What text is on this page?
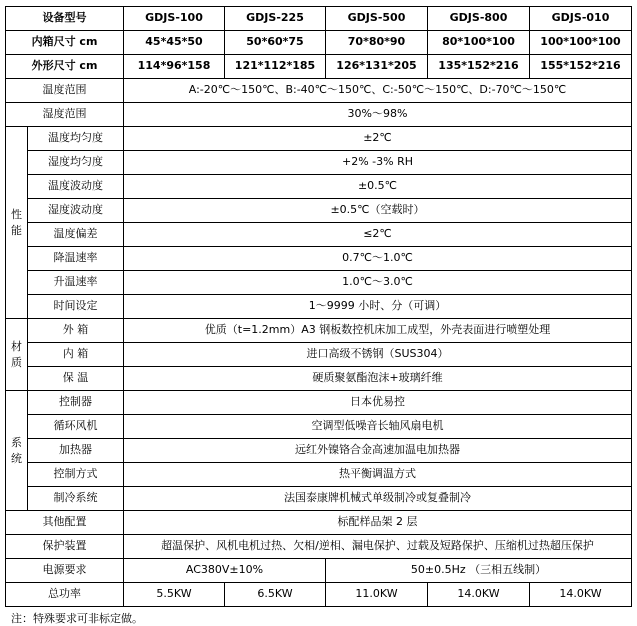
设备型号		GDJS-100	GDJS-225	GDJS-500	GDJS-800	GDJS-010
内箱尺寸 cm		45*45*50	50*60*75	70*80*90	80*100*100	100*100*100
外形尺寸 cm		114*96*158	121*112*185	126*131*205	135*152*216	155*152*216
温度范围		A:-20℃～150℃、B:-40℃～150℃、C:-50℃～150℃、D:-70℃～150℃				
湿度范围		30%～98%				

性
能	温度均匀度	±2℃				
	湿度均匀度	+2% -3% RH				
	温度波动度	±0.5℃				
	湿度波动度	±0.5℃（空载时）				
	温度偏差	≤2℃				
	降温速率	0.7℃～1.0℃				
	升温速率	1.0℃～3.0℃				
	时间设定	1～9999 小时、分（可调）				

材
质	外 箱	优质（t=1.2mm）A3 钢板数控机床加工成型，外壳表面进行喷塑处理				
	内 箱	进口高级不锈钢（SUS304）				
	保 温	硬质聚氨酯泡沫+玻璃纤维				

系
统	控制器	日本优易控				
	循环风机	空调型低噪音长轴风扇电机				
	加热器	远红外镍铬合金高速加温电加热器				
	控制方式	热平衡调温方式				
	制冷系统	法国泰康牌机械式单级制冷或复叠制冷				
其他配置		标配样品架 2 层				
保护装置		超温保护、风机电机过热、欠相/逆相、漏电保护、过载及短路保护、压缩机过热超压保护				
电源要求		AC380V±10%		50±0.5Hz （三相五线制）		
总功率		5.5KW	6.5KW	11.0KW	14.0KW	14.0KW
注：特殊要求可非标定做。
